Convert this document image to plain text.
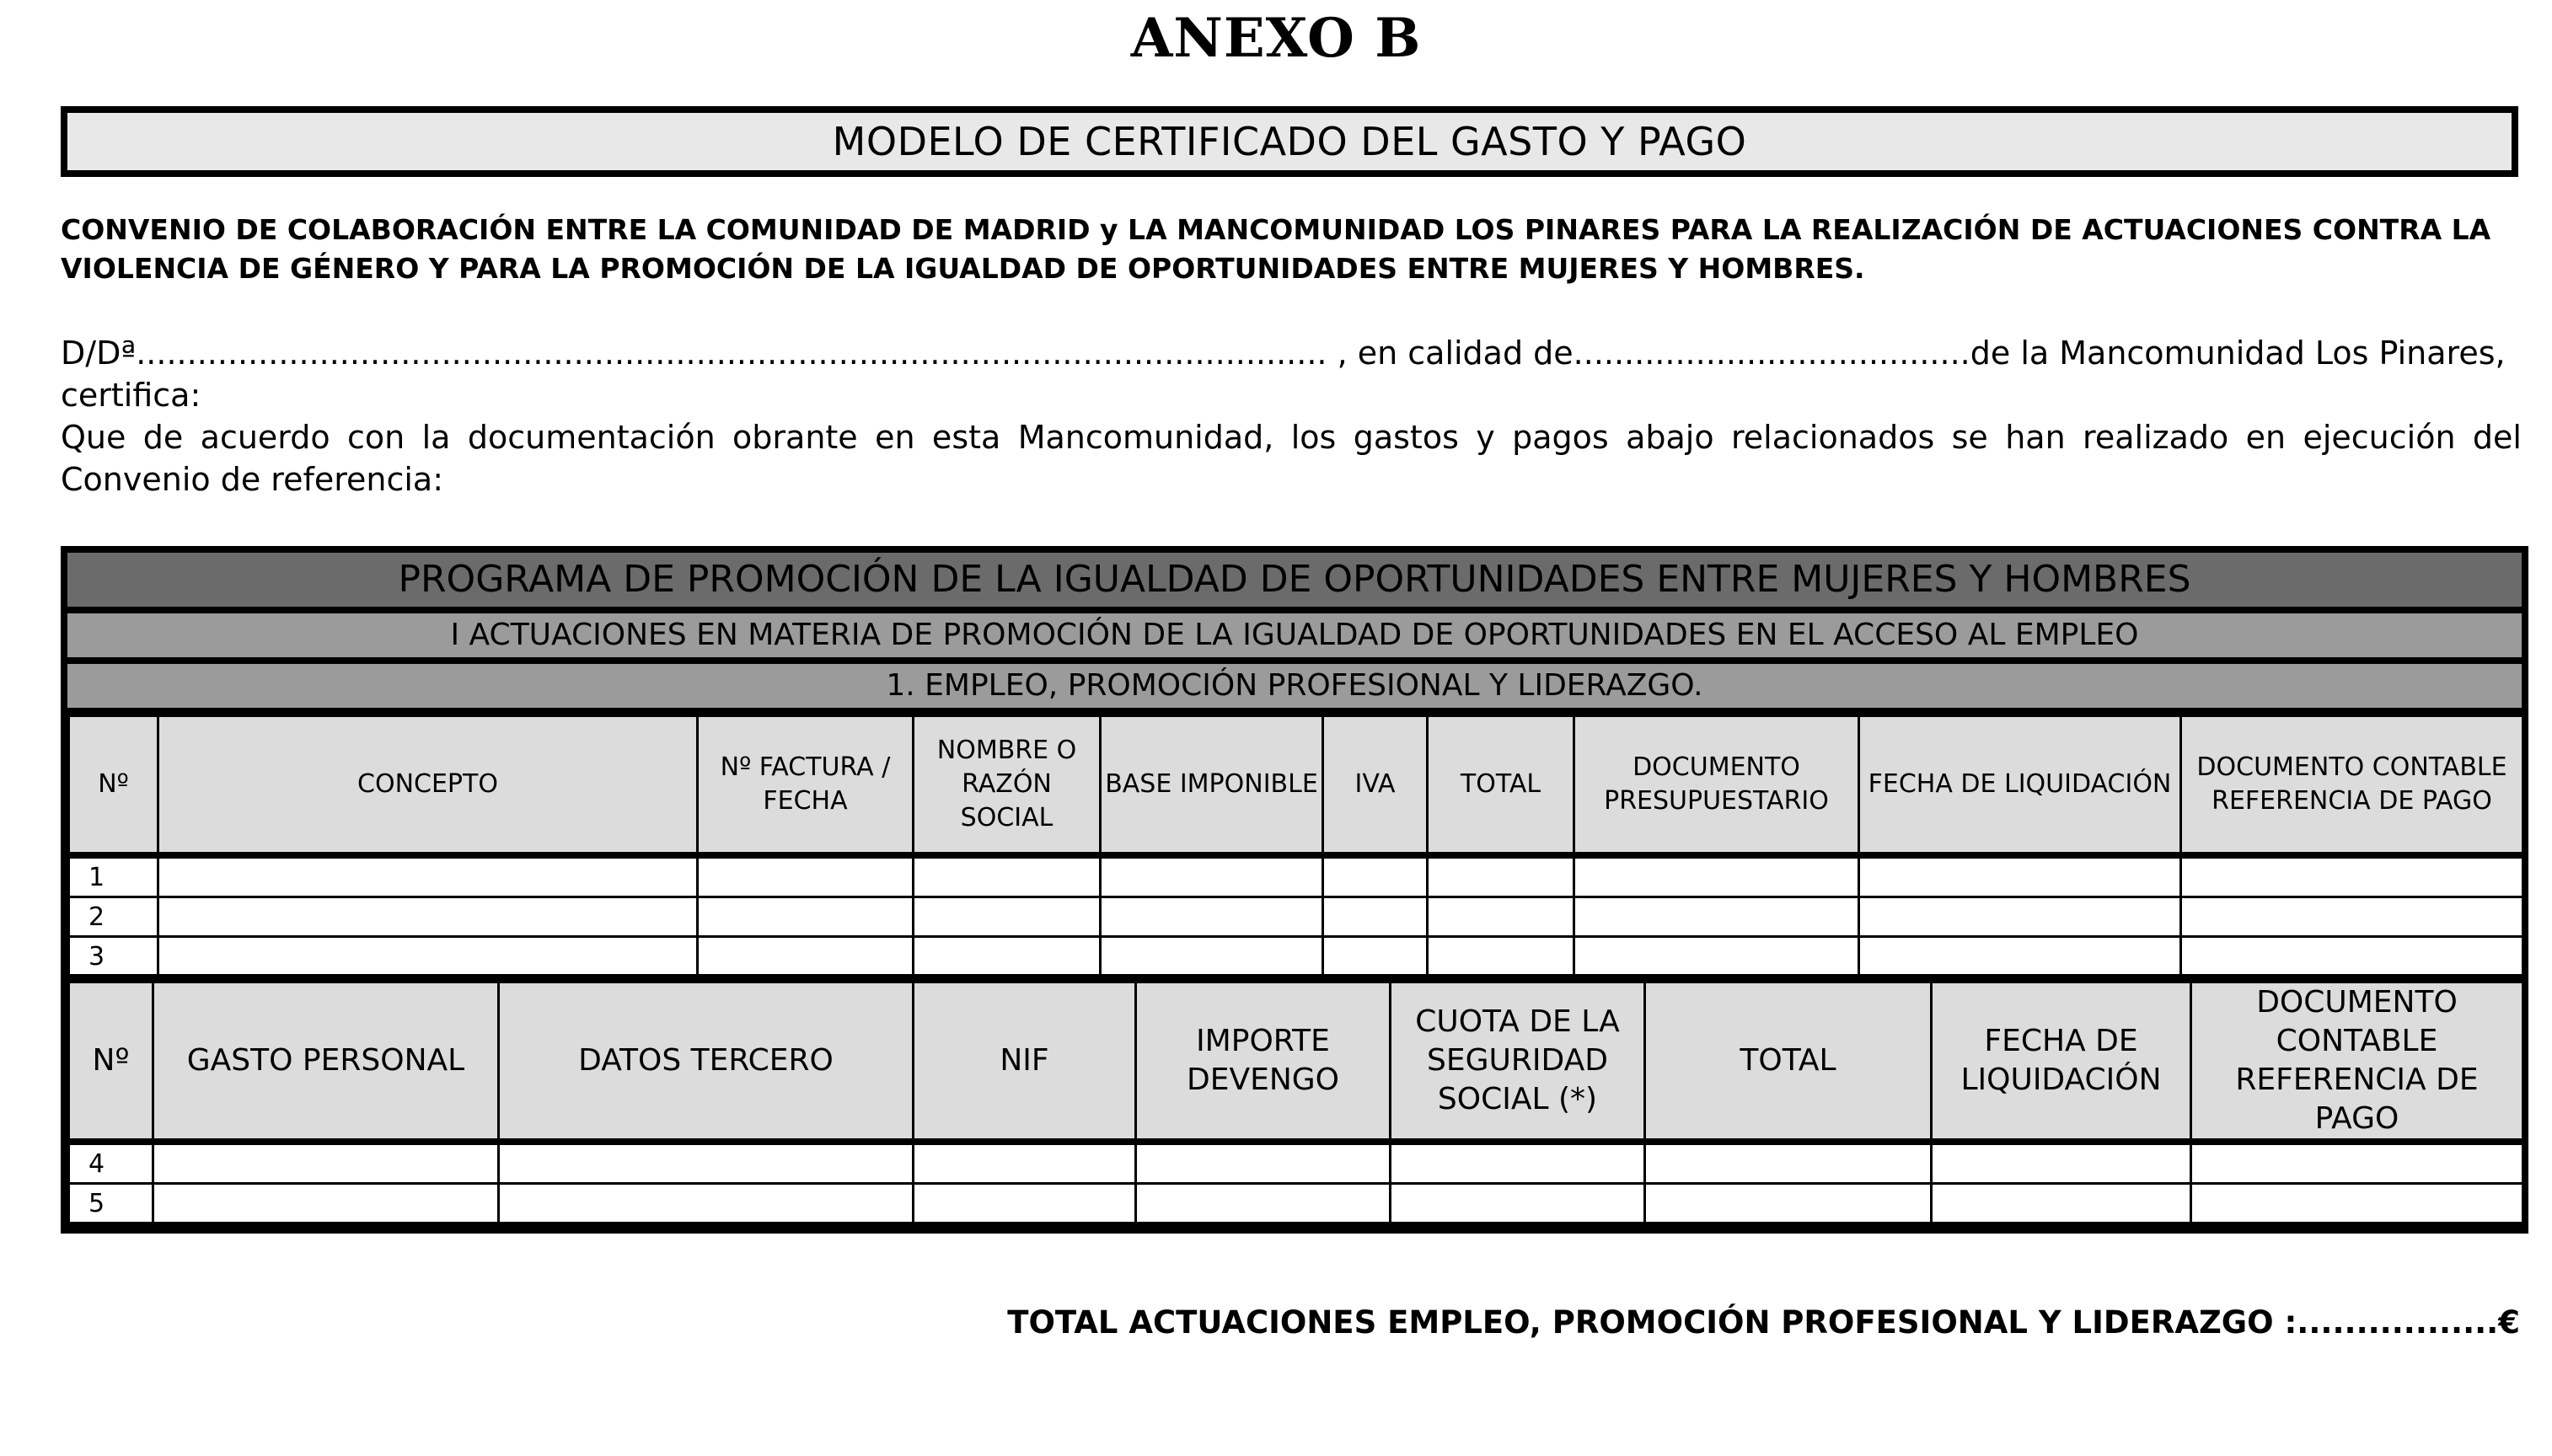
ANEXO B
MODELO DE CERTIFICADO DEL GASTO Y PAGO
CONVENIO DE COLABORACIÓN ENTRE LA COMUNIDAD DE MADRID y LA MANCOMUNIDAD LOS PINARES PARA LA REALIZACIÓN DE ACTUACIONES CONTRA LA VIOLENCIA DE GÉNERO Y PARA LA PROMOCIÓN DE LA IGUALDAD DE OPORTUNIDADES ENTRE MUJERES Y HOMBRES.

D/Dª..................................................................................................................... , en calidad de.......................................de la Mancomunidad Los Pinares,

certifica:

Que de acuerdo con la documentación obrante en esta Mancomunidad, los gastos y pagos abajo relacionados se han realizado en ejecución del Convenio de referencia:

PROGRAMA DE PROMOCIÓN DE LA IGUALDAD DE OPORTUNIDADES ENTRE MUJERES Y HOMBRES
I ACTUACIONES EN MATERIA DE PROMOCIÓN DE LA IGUALDAD DE OPORTUNIDADES EN EL ACCESO AL EMPLEO
1. EMPLEO, PROMOCIÓN PROFESIONAL Y LIDERAZGO.
Nº	CONCEPTO	Nº FACTURA / FECHA	NOMBRE O RAZÓN SOCIAL	BASE IMPONIBLE	IVA	TOTAL	DOCUMENTO PRESUPUESTARIO	FECHA DE LIQUIDACIÓN	DOCUMENTO CONTABLE REFERENCIA DE PAGO
1									
2									
3									
Nº	GASTO PERSONAL	DATOS TERCERO	NIF	IMPORTE DEVENGO	CUOTA DE LA SEGURIDAD SOCIAL (*)	TOTAL	FECHA DE LIQUIDACIÓN	DOCUMENTO CONTABLE REFERENCIA DE PAGO
4								
5								
TOTAL ACTUACIONES EMPLEO, PROMOCIÓN PROFESIONAL Y LIDERAZGO :.................€
